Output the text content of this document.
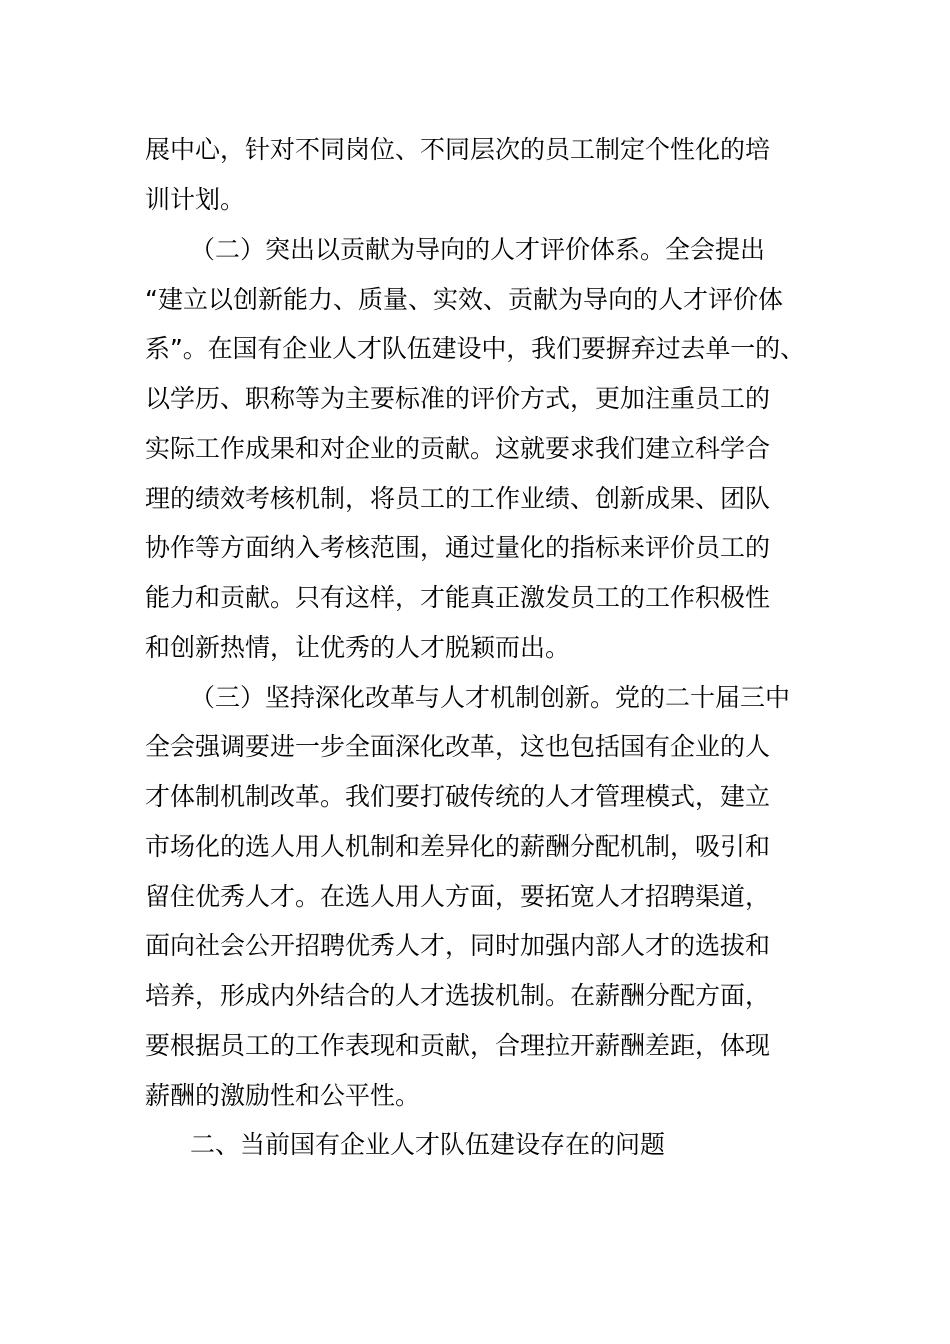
展中心，针对不同岗位、不同层次的员工制定个性化的培
训计划。
（二）突出以贡献为导向的人才评价体系。全会提出
“建立以创新能力、质量、实效、贡献为导向的人才评价体
系”。在国有企业人才队伍建设中，我们要摒弃过去单一的、
以学历、职称等为主要标准的评价方式，更加注重员工的
实际工作成果和对企业的贡献。这就要求我们建立科学合
理的绩效考核机制，将员工的工作业绩、创新成果、团队
协作等方面纳入考核范围，通过量化的指标来评价员工的
能力和贡献。只有这样，才能真正激发员工的工作积极性
和创新热情，让优秀的人才脱颖而出。
（三）坚持深化改革与人才机制创新。党的二十届三中
全会强调要进一步全面深化改革，这也包括国有企业的人
才体制机制改革。我们要打破传统的人才管理模式，建立
市场化的选人用人机制和差异化的薪酬分配机制，吸引和
留住优秀人才。在选人用人方面，要拓宽人才招聘渠道，
面向社会公开招聘优秀人才，同时加强内部人才的选拔和
培养，形成内外结合的人才选拔机制。在薪酬分配方面，
要根据员工的工作表现和贡献，合理拉开薪酬差距，体现
薪酬的激励性和公平性。
二、当前国有企业人才队伍建设存在的问题
